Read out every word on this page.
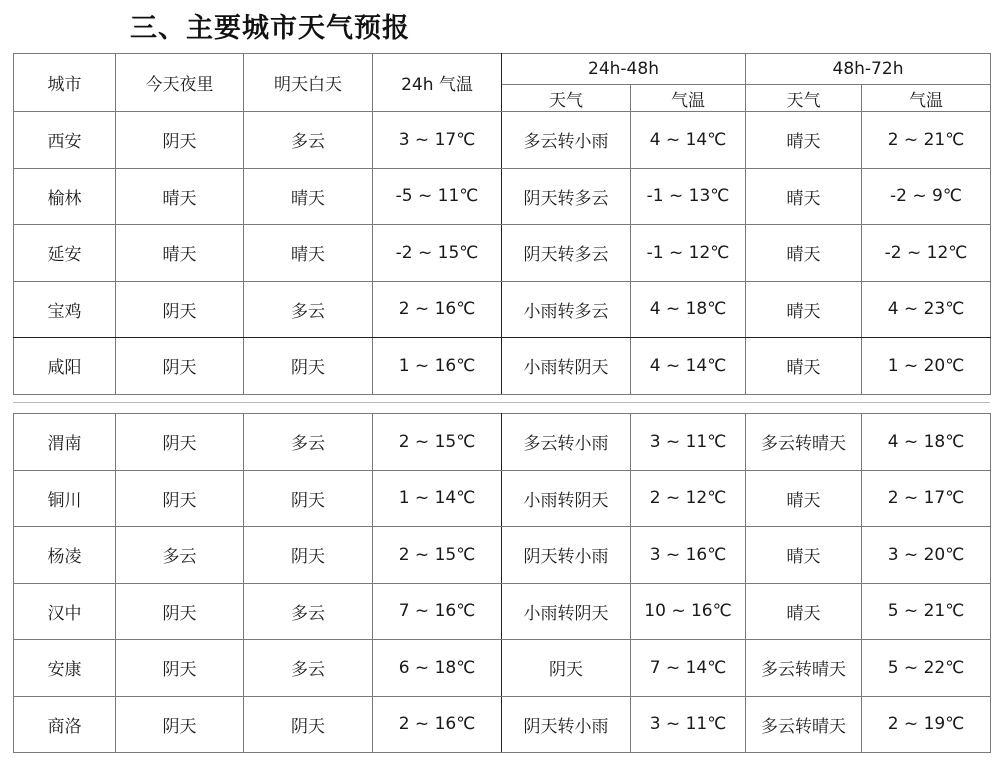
三、主要城市天气预报
城市	今天夜里	明天白天	24h 气温	24h-48h		48h-72h	
				天气	气温	天气	气温
西安	阴天	多云	3 ~ 17℃	多云转小雨	4 ~ 14℃	晴天	2 ~ 21℃
榆林	晴天	晴天	-5 ~ 11℃	阴天转多云	-1 ~ 13℃	晴天	-2 ~ 9℃
延安	晴天	晴天	-2 ~ 15℃	阴天转多云	-1 ~ 12℃	晴天	-2 ~ 12℃
宝鸡	阴天	多云	2 ~ 16℃	小雨转多云	4 ~ 18℃	晴天	4 ~ 23℃
咸阳	阴天	阴天	1 ~ 16℃	小雨转阴天	4 ~ 14℃	晴天	1 ~ 20℃
渭南	阴天	多云	2 ~ 15℃	多云转小雨	3 ~ 11℃	多云转晴天	4 ~ 18℃
铜川	阴天	阴天	1 ~ 14℃	小雨转阴天	2 ~ 12℃	晴天	2 ~ 17℃
杨凌	多云	阴天	2 ~ 15℃	阴天转小雨	3 ~ 16℃	晴天	3 ~ 20℃
汉中	阴天	多云	7 ~ 16℃	小雨转阴天	10 ~ 16℃	晴天	5 ~ 21℃
安康	阴天	多云	6 ~ 18℃	阴天	7 ~ 14℃	多云转晴天	5 ~ 22℃
商洛	阴天	阴天	2 ~ 16℃	阴天转小雨	3 ~ 11℃	多云转晴天	2 ~ 19℃
